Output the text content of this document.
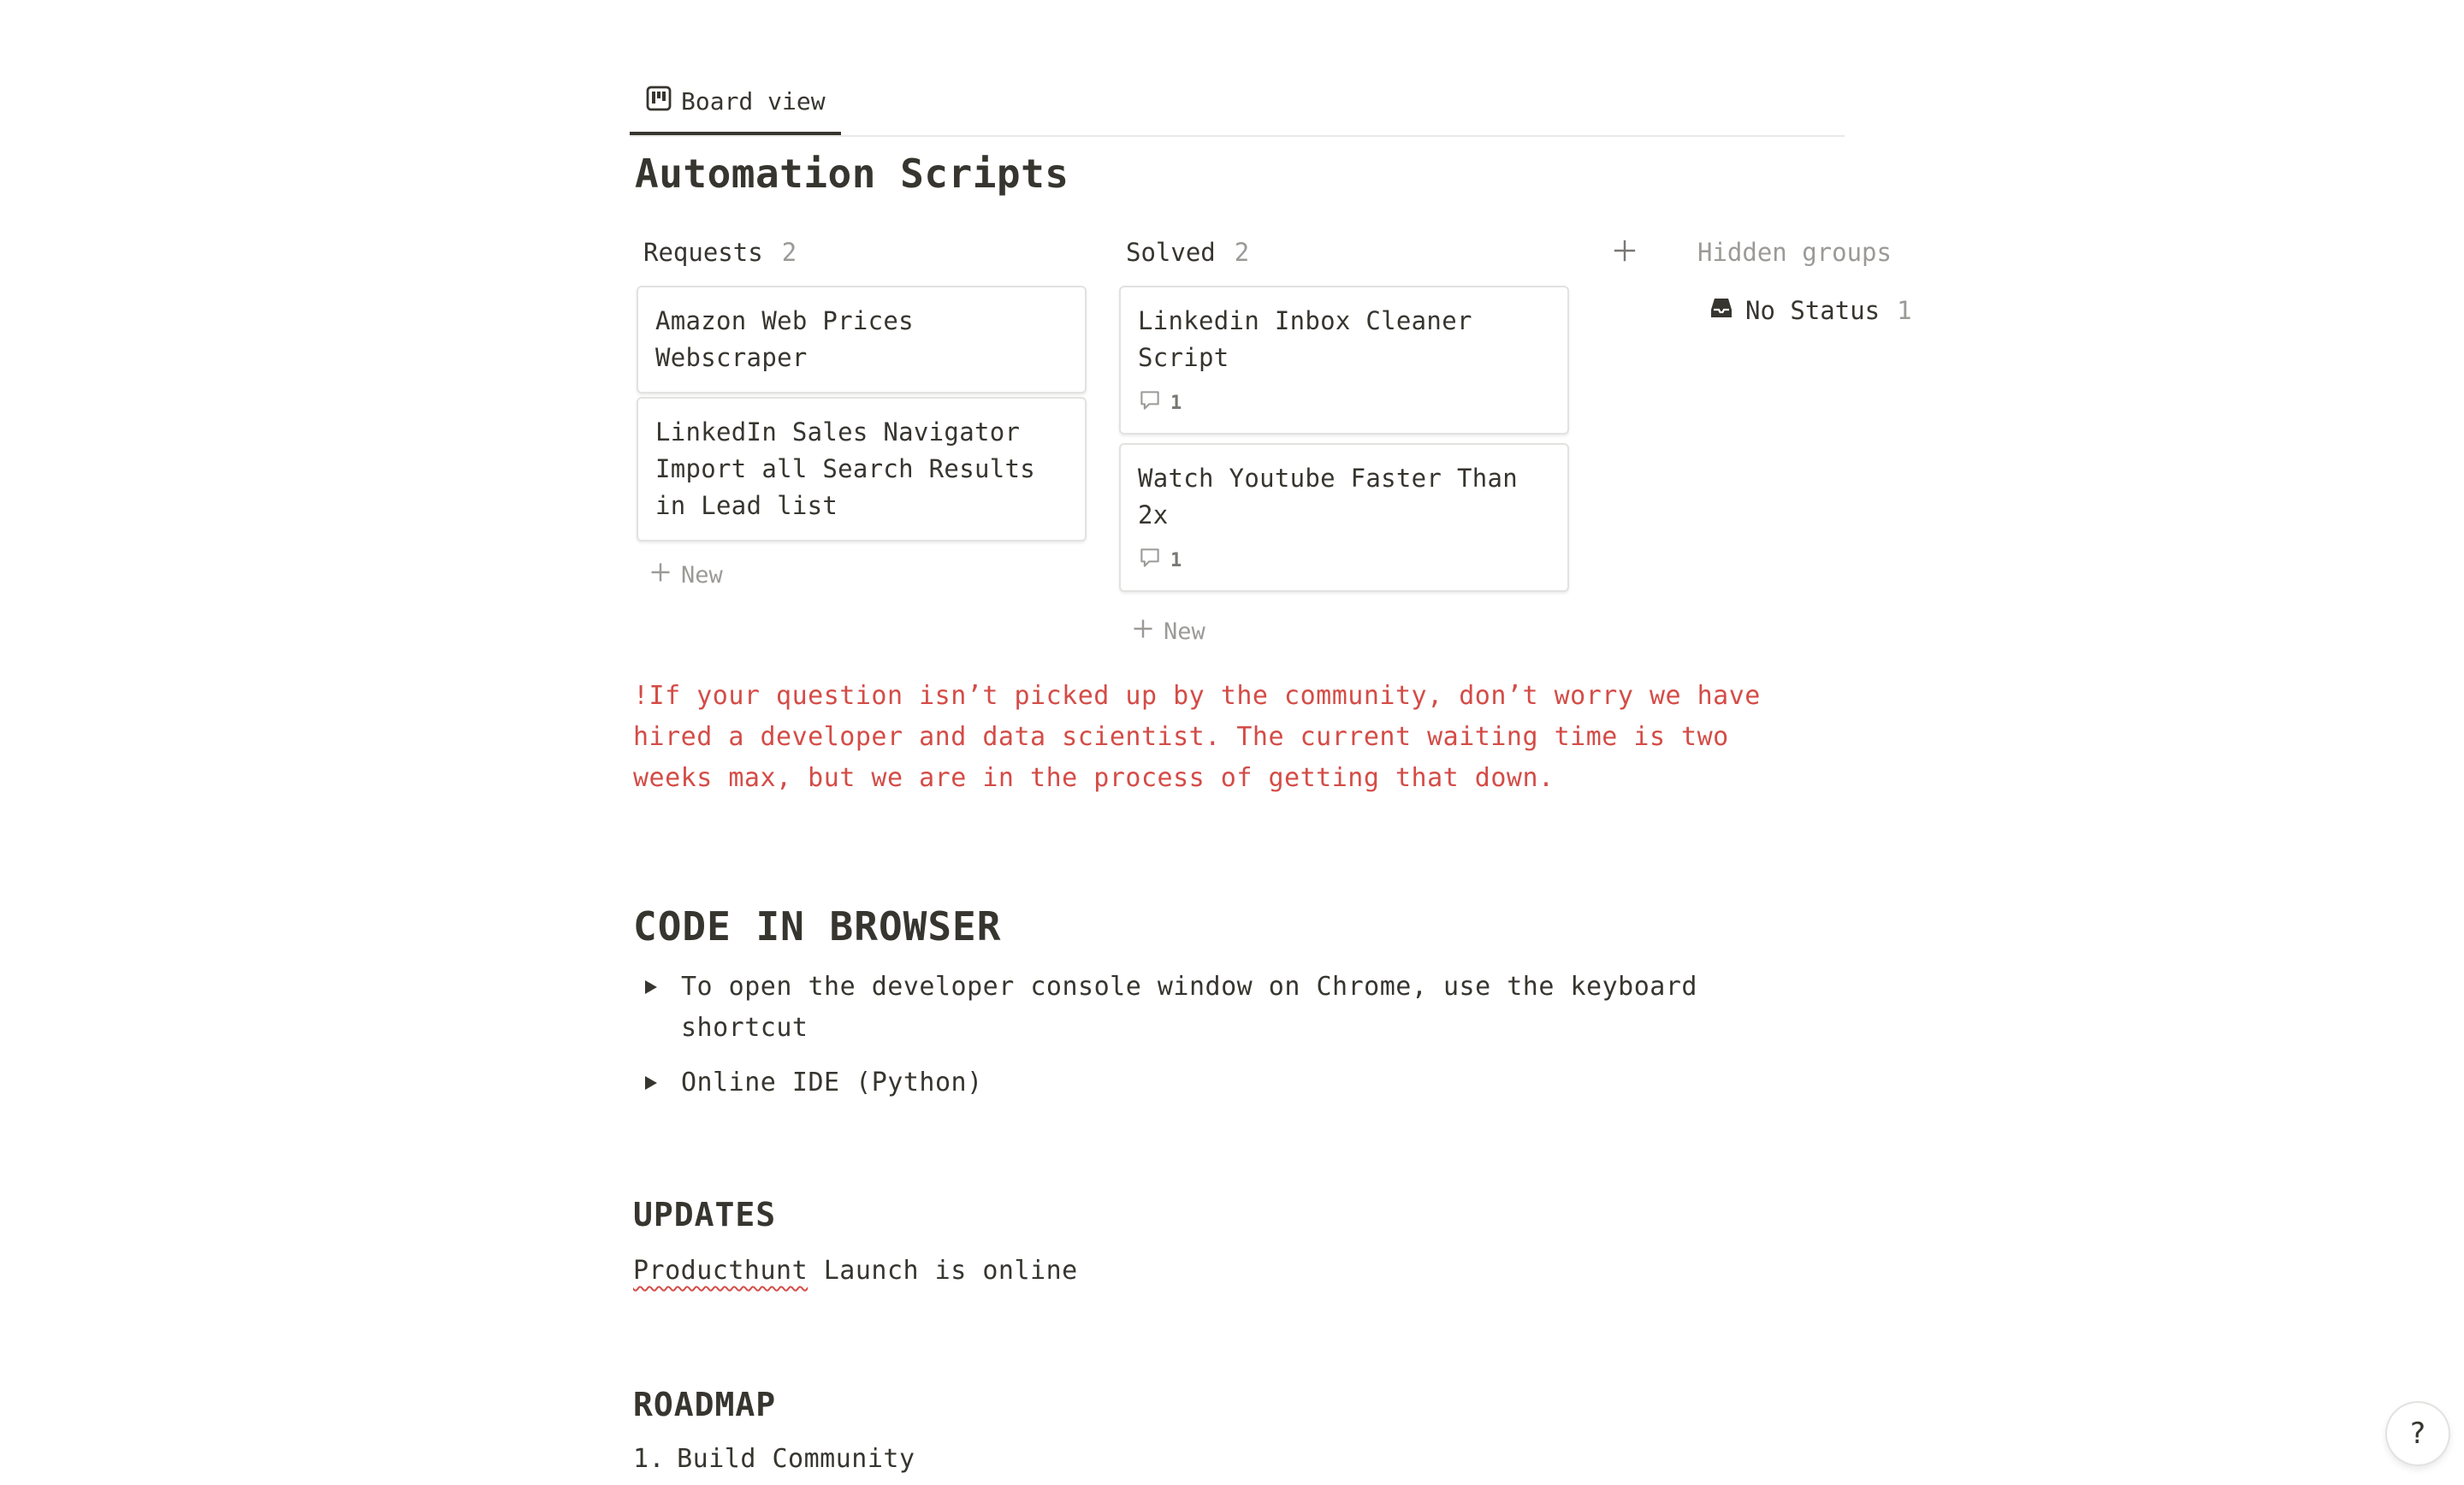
Board view
Automation Scripts
Requests 2
Amazon Web Prices
Webscraper
LinkedIn Sales Navigator
Import all Search Results
in Lead list
New
Solved 2
Linkedin Inbox Cleaner
Script
1
Watch Youtube Faster Than
2x
1
New
Hidden groups
No Status 1
!If your question isn’t picked up by the community, don’t worry we have
hired a developer and data scientist. The current waiting time is two
weeks max, but we are in the process of getting that down.
CODE IN BROWSER
To open the developer console window on Chrome, use the keyboard
shortcut
Online IDE (Python)
UPDATES
Producthunt Launch is online
ROADMAP
1. Build Community
?
